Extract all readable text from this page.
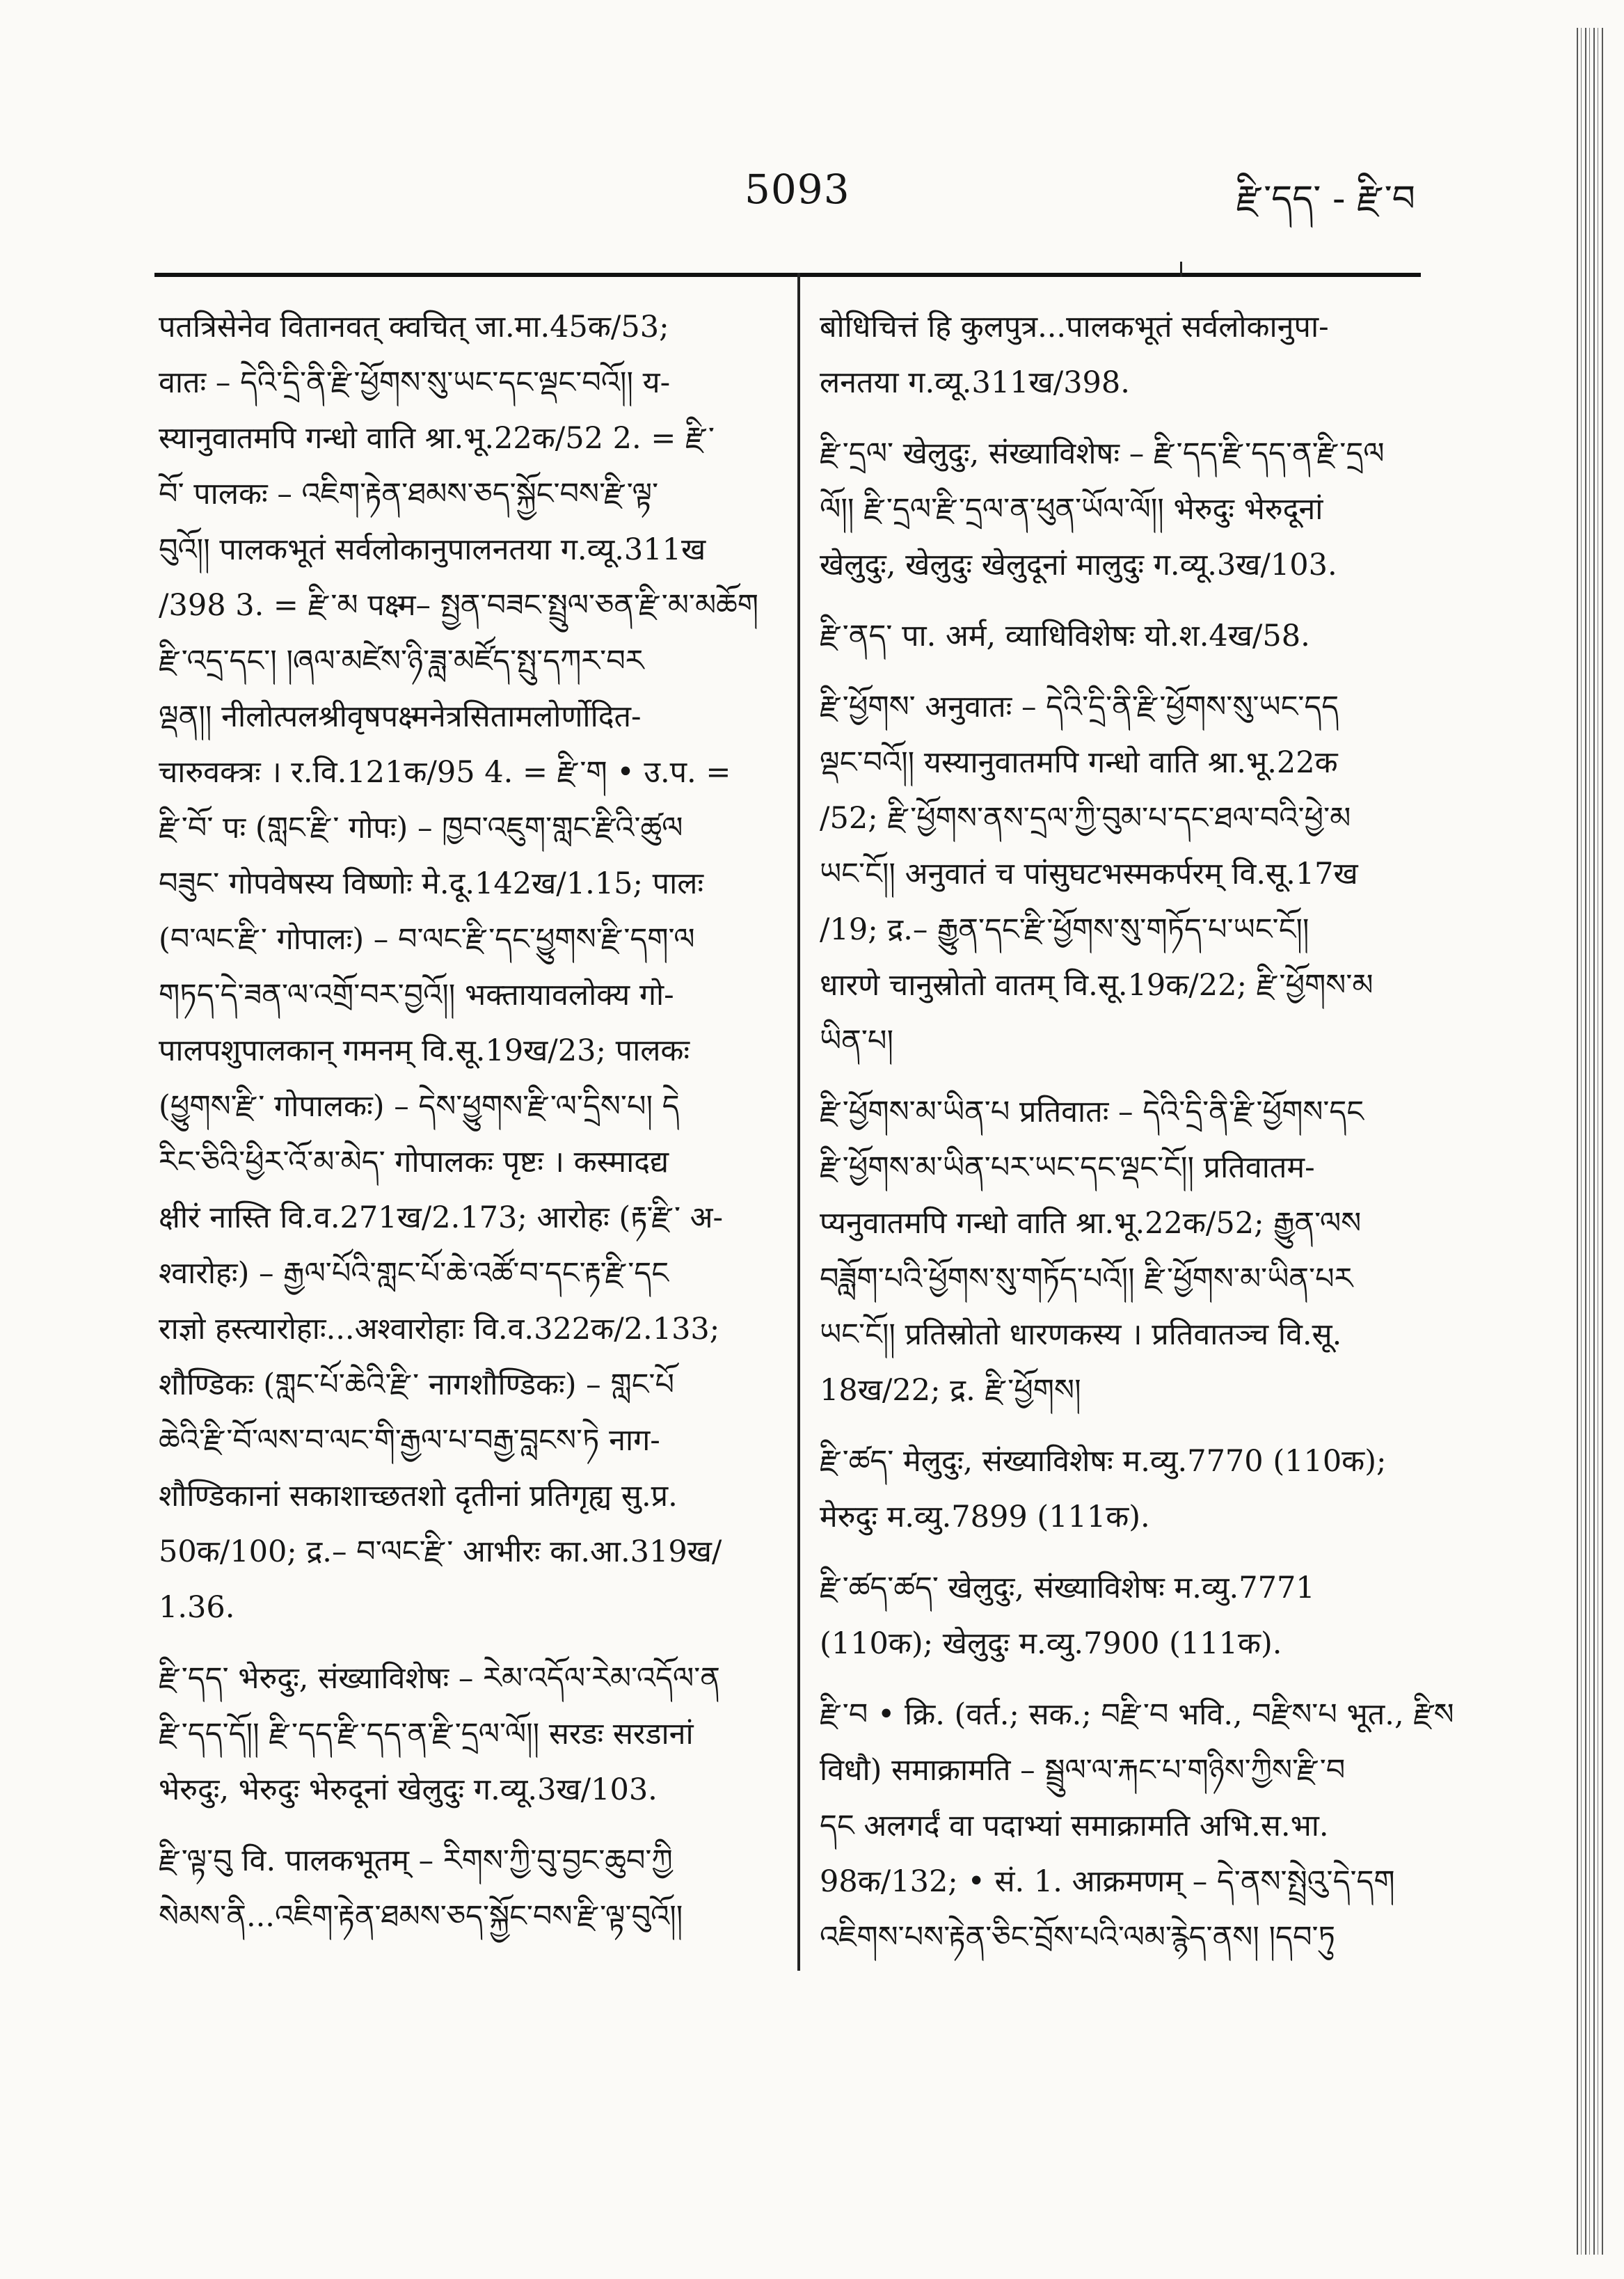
5093	རྫི་དད་ - རྫི་བ
पतत्रिसेनेव वितानवत् क्वचित् जा.मा.45क/53;
वातः – དེའི་དྲི་ནི་རྫི་ཕྱོགས་སུ་ཡང་དང་ལྡང་བའོ།། य-
स्यानुवातमपि गन्धो वाति श्रा.भू.22क/52 2. = རྫི་
བོ་ पालकः – འཇིག་རྟེན་ཐམས་ཅད་སྐྱོང་བས་རྫི་ལྟ་
བུའོ།། पालकभूतं सर्वलोकानुपालनतया ग.व्यू.311ख
/398 3. = རྫི་མ पक्ष्म– སྤྱན་བཟང་སྤྲུལ་ཅན་རྫི་མ་མཆོག
རྫི་འདྲ་དང་། །ཞལ་མཛེས་ཉི་ཟླ་མཛོད་སྤུ་དཀར་བར
ལྡན།། नीलोत्पलश्रीवृषपक्ष्मनेत्रसितामलोर्णोदित-
चारुवक्त्रः । र.वि.121क/95 4. = རྫི་ག • उ.प. =
རྫི་བོ་ पः (གླང་རྫི་ गोपः) – ཁྱབ་འཇུག་གླང་རྫིའི་ཚུལ
བཟུང་ गोपवेषस्य विष्णोः मे.दू.142ख/1.15; पालः
(བ་ལང་རྫི་ गोपालः) – བ་ལང་རྫི་དང་ཕྱུགས་རྫི་དག་ལ
གཏད་དེ་ཟན་ལ་འགྲོ་བར་བྱའོ།། भक्तायावलोक्य गो-
पालपशुपालकान् गमनम् वि.सू.19ख/23; पालकः
(ཕྱུགས་རྫི་ गोपालकः) – དེས་ཕྱུགས་རྫི་ལ་དྲིས་པ། དེ
རིང་ཅིའི་ཕྱིར་འོ་མ་མེད་ गोपालकः पृष्टः । कस्मादद्य
क्षीरं नास्ति वि.व.271ख/2.173; आरोहः (རྟ་རྫི་ अ-
श्वारोहः) – རྒྱལ་པོའི་གླང་པོ་ཆེ་འཚོ་བ་དང་རྟ་རྫི་དང
राज्ञो हस्त्यारोहाः...अश्वारोहाः वि.व.322क/2.133;
शौण्डिकः (གླང་པོ་ཆེའི་རྫི་ नागशौण्डिकः) – གླང་པོ
ཆེའི་རྫི་བོ་ལས་བ་ལང་གི་རྒྱལ་པ་བརྒྱ་བླངས་ཏེ नाग-
शौण्डिकानां सकाशाच्छतशो दृतीनां प्रतिगृह्य सु.प्र.
50क/100; द्र.– བ་ལང་རྫི་ आभीरः का.आ.319ख/
1.36.
རྫི་དད་ भेरुदुः, संख्याविशेषः – རེམ་འདོལ་རེམ་འདོལ་ན
རྫི་དད་དོ།། རྫི་དད་རྫི་དད་ན་རྫི་དྲལ་ལོ།། सरडः सरडानां
भेरुदुः, भेरुदुः भेरुदूनां खेलुदुः ग.व्यू.3ख/103.
རྫི་ལྟ་བུ वि. पालकभूतम् – རིགས་ཀྱི་བུ་བྱང་ཆུབ་ཀྱི
སེམས་ནི...འཇིག་རྟེན་ཐམས་ཅད་སྐྱོང་བས་རྫི་ལྟ་བུའོ།།
बोधिचित्तं हि कुलपुत्र...पालकभूतं सर्वलोकानुपा-
लनतया ग.व्यू.311ख/398.
རྫི་དྲལ་ खेलुदुः, संख्याविशेषः – རྫི་དད་རྫི་དད་ན་རྫི་དྲལ
ལོ།། རྫི་དྲལ་རྫི་དྲལ་ན་ཕུན་ཡོལ་ལོ།། भेरुदुः भेरुदूनां
खेलुदुः, खेलुदुः खेलुदूनां मालुदुः ग.व्यू.3ख/103.
རྫི་ནད་ पा. अर्म, व्याधिविशेषः यो.श.4ख/58.
རྫི་ཕྱོགས་ अनुवातः – དེའི་དྲི་ནི་རྫི་ཕྱོགས་སུ་ཡང་དད
ལྡང་བའོ།། यस्यानुवातमपि गन्धो वाति श्रा.भू.22क
/52; རྫི་ཕྱོགས་ནས་དྲལ་ཀྱི་བུམ་པ་དང་ཐལ་བའི་ཕྱེ་མ
ཡང་ངོ།། अनुवातं च पांसुघटभस्मकर्परम् वि.सू.17ख
/19; द्र.– རྒྱུན་དང་རྫི་ཕྱོགས་སུ་གཏོད་པ་ཡང་ངོ།།
धारणे चानुस्रोतो वातम् वि.सू.19क/22; རྫི་ཕྱོགས་མ
ཡིན་པ།
རྫི་ཕྱོགས་མ་ཡིན་པ प्रतिवातः – དེའི་དྲི་ནི་རྫི་ཕྱོགས་དང
རྫི་ཕྱོགས་མ་ཡིན་པར་ཡང་དང་ལྡང་ངོ།། प्रतिवातम-
प्यनुवातमपि गन्धो वाति श्रा.भू.22क/52; རྒྱུན་ལས
བཟློག་པའི་ཕྱོགས་སུ་གཏོད་པའོ།། རྫི་ཕྱོགས་མ་ཡིན་པར
ཡང་ངོ།། प्रतिस्रोतो धारणकस्य । प्रतिवातञ्च वि.सू.
18ख/22; द्र. རྫི་ཕྱོགས།
རྫི་ཚད་ मेलुदुः, संख्याविशेषः म.व्यु.7770 (110क);
मेरुदुः म.व्यु.7899 (111क).
རྫི་ཚད་ཚད་ खेलुदुः, संख्याविशेषः म.व्यु.7771
(110क); खेलुदुः म.व्यु.7900 (111क).
རྫི་བ • क्रि. (वर्त.; सक.; བརྫི་བ भवि., བརྫིས་པ भूत., རྫིས
विधौ) समाक्रामति – སྦྲུལ་ལ་རྐང་པ་གཉིས་ཀྱིས་རྫི་བ
དང अलगर्दं वा पदाभ्यां समाक्रामति अभि.स.भा.
98क/132; • सं. 1. आक्रमणम् – དེ་ནས་སྤྲེའུ་དེ་དག
འཇིགས་པས་རྟེན་ཅིང་བྲོས་པའི་ལམ་རྙེད་ནས། །དབ་ཏུ
